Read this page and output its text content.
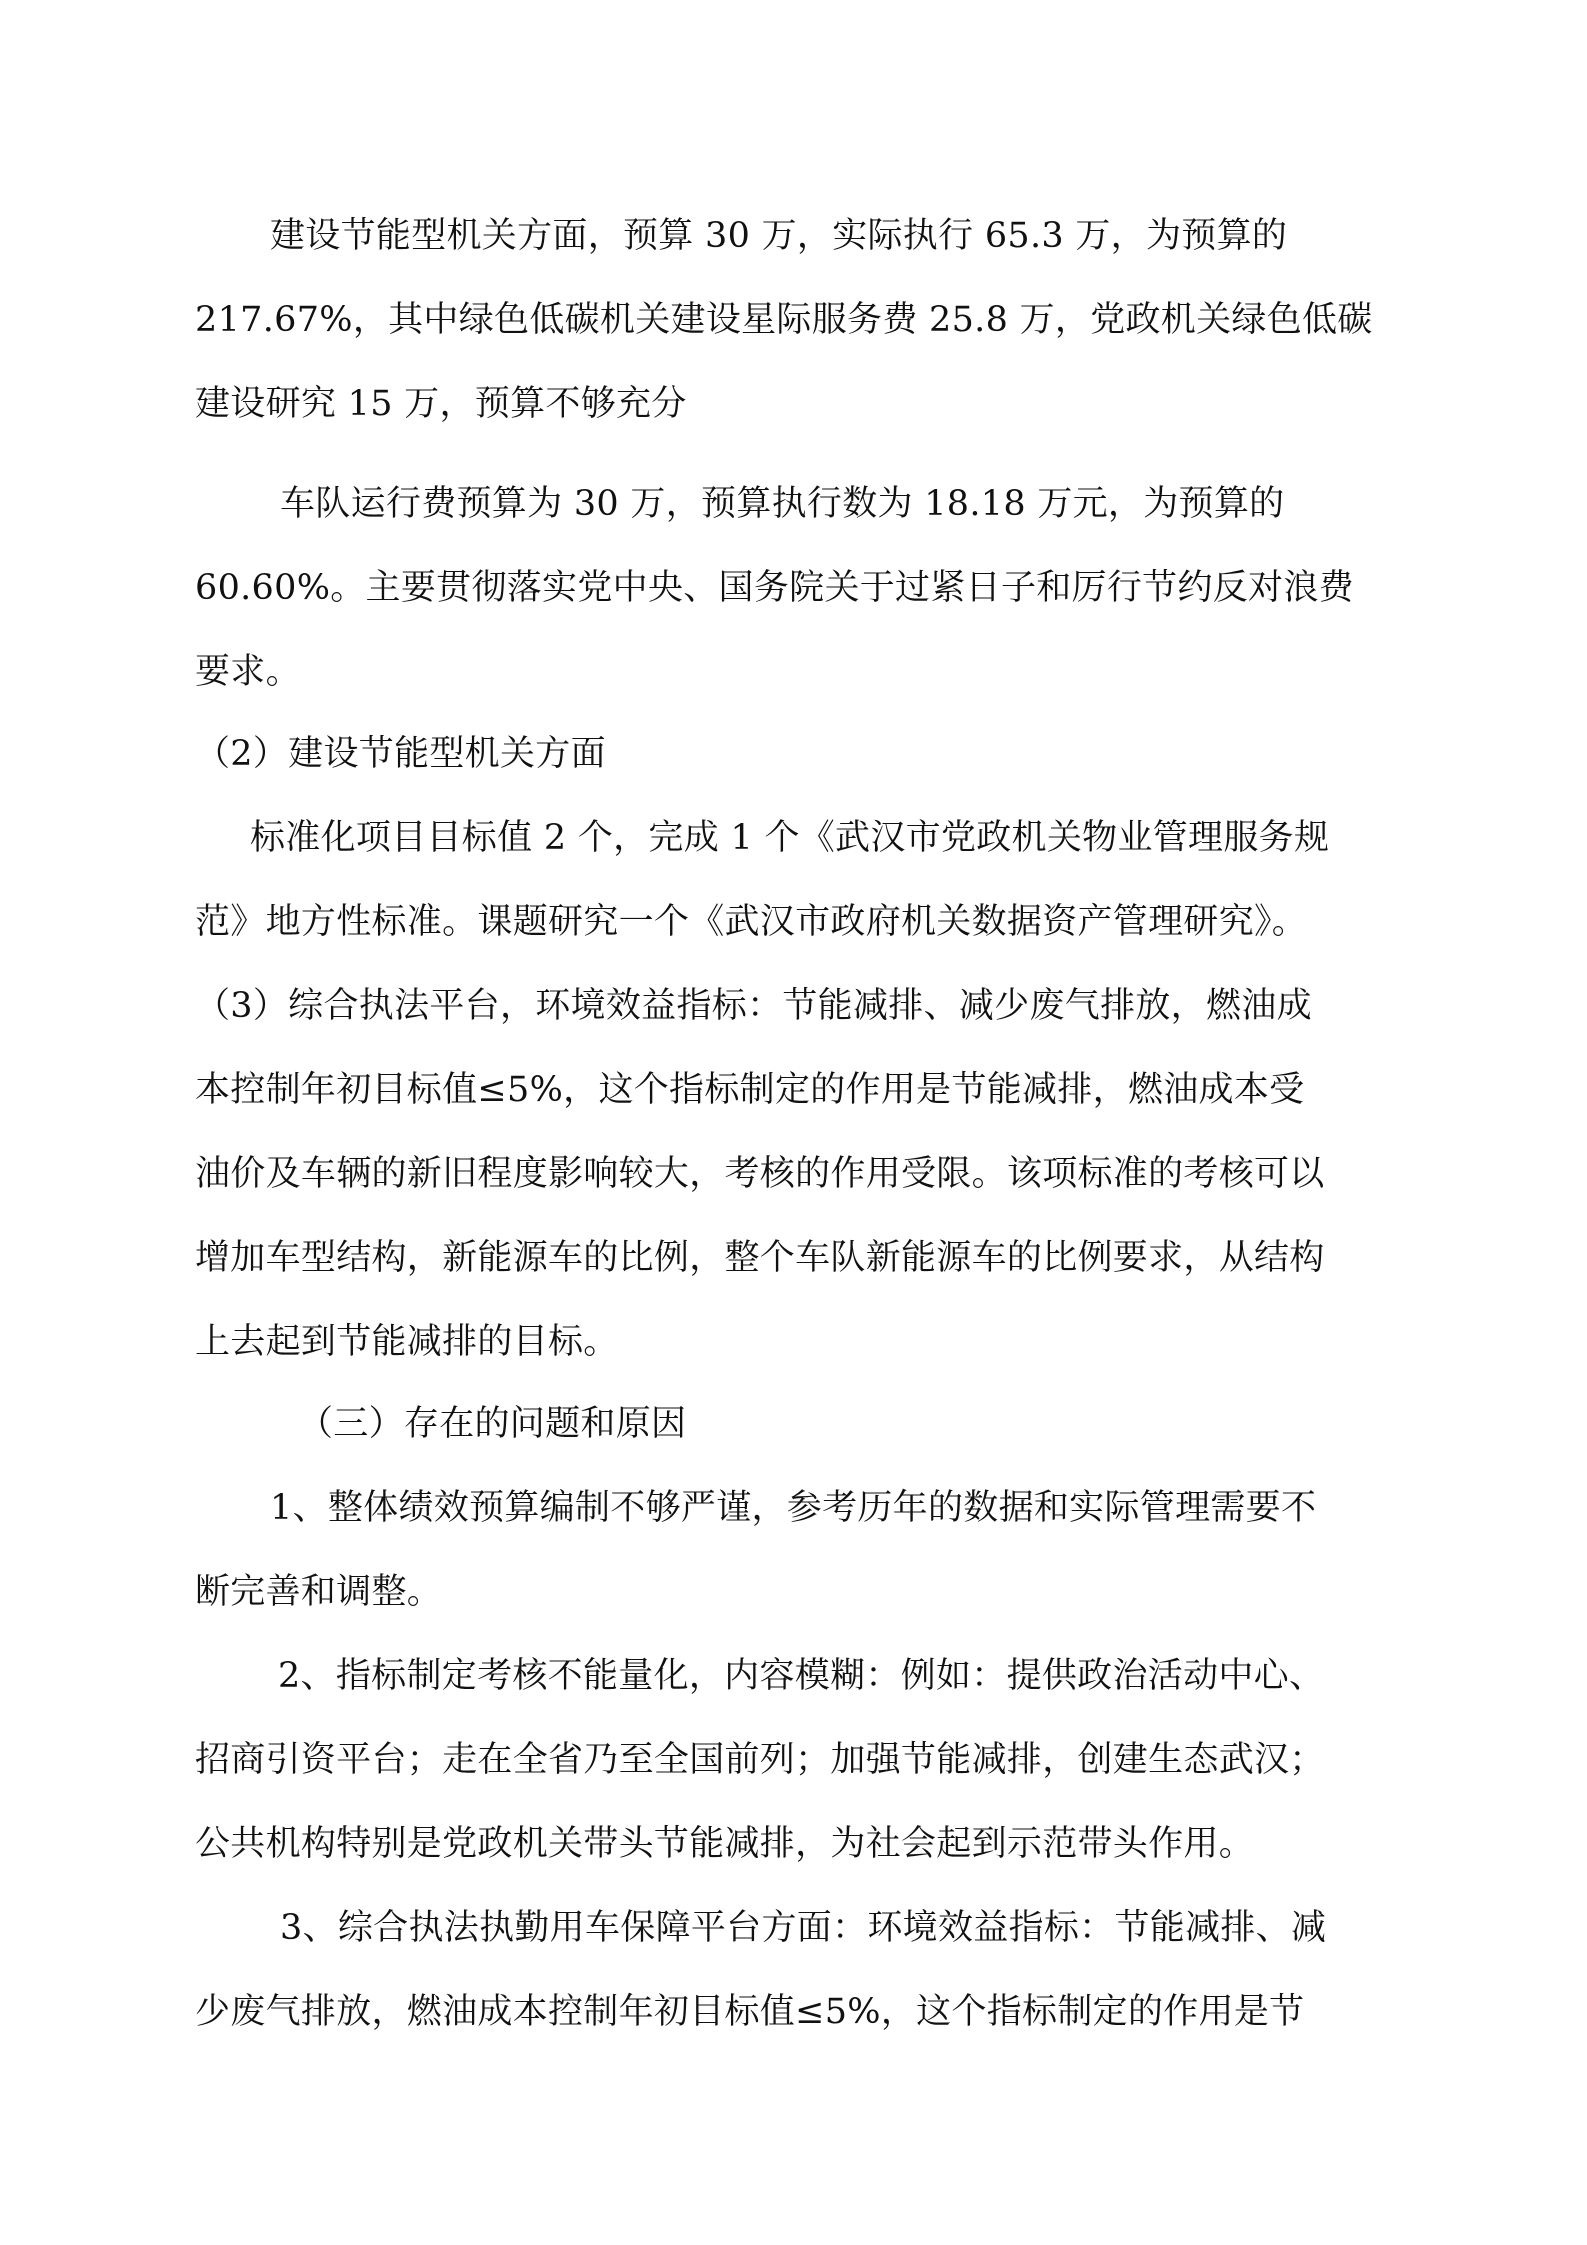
建设节能型机关方面，预算 30 万，实际执行 65.3 万，为预算的
217.67%，其中绿色低碳机关建设星际服务费 25.8 万，党政机关绿色低碳
建设研究 15 万，预算不够充分
车队运行费预算为 30 万，预算执行数为 18.18 万元，为预算的
60.60%。主要贯彻落实党中央、国务院关于过紧日子和厉行节约反对浪费
要求。
（2）建设节能型机关方面
标准化项目目标值 2 个，完成 1 个《武汉市党政机关物业管理服务规
范》地方性标准。课题研究一个《武汉市政府机关数据资产管理研究》。
（3）综合执法平台，环境效益指标：节能减排、减少废气排放，燃油成
本控制年初目标值≤5%，这个指标制定的作用是节能减排，燃油成本受
油价及车辆的新旧程度影响较大，考核的作用受限。该项标准的考核可以
增加车型结构，新能源车的比例，整个车队新能源车的比例要求，从结构
上去起到节能减排的目标。
（三）存在的问题和原因
1、整体绩效预算编制不够严谨，参考历年的数据和实际管理需要不
断完善和调整。
2、指标制定考核不能量化，内容模糊：例如：提供政治活动中心、
招商引资平台；走在全省乃至全国前列；加强节能减排，创建生态武汉；
公共机构特别是党政机关带头节能减排，为社会起到示范带头作用。
3、综合执法执勤用车保障平台方面：环境效益指标：节能减排、减
少废气排放，燃油成本控制年初目标值≤5%，这个指标制定的作用是节
